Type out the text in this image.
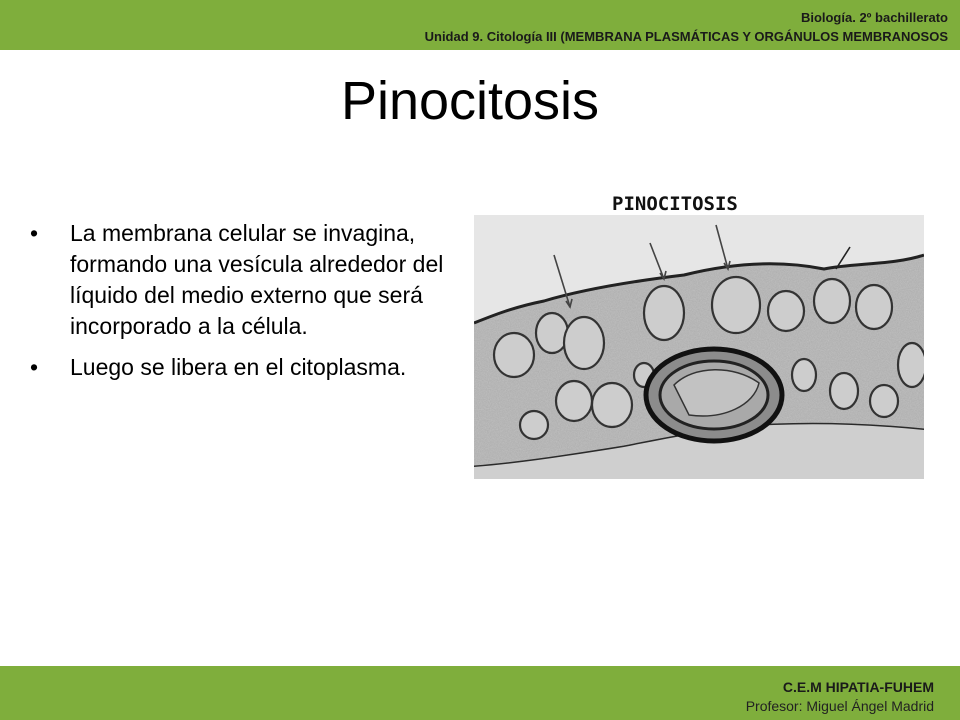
Biología. 2º bachillerato
Unidad 9. Citología III (MEMBRANA PLASMÁTICAS Y ORGÁNULOS MEMBRANOSOS
Pinocitosis
• La membrana celular se invagina, formando una vesícula alrededor del líquido del medio externo que será incorporado a la célula.
• Luego se libera en el citoplasma.
PINOCITOSIS
C.E.M HIPATIA-FUHEM
Profesor: Miguel Ángel Madrid
